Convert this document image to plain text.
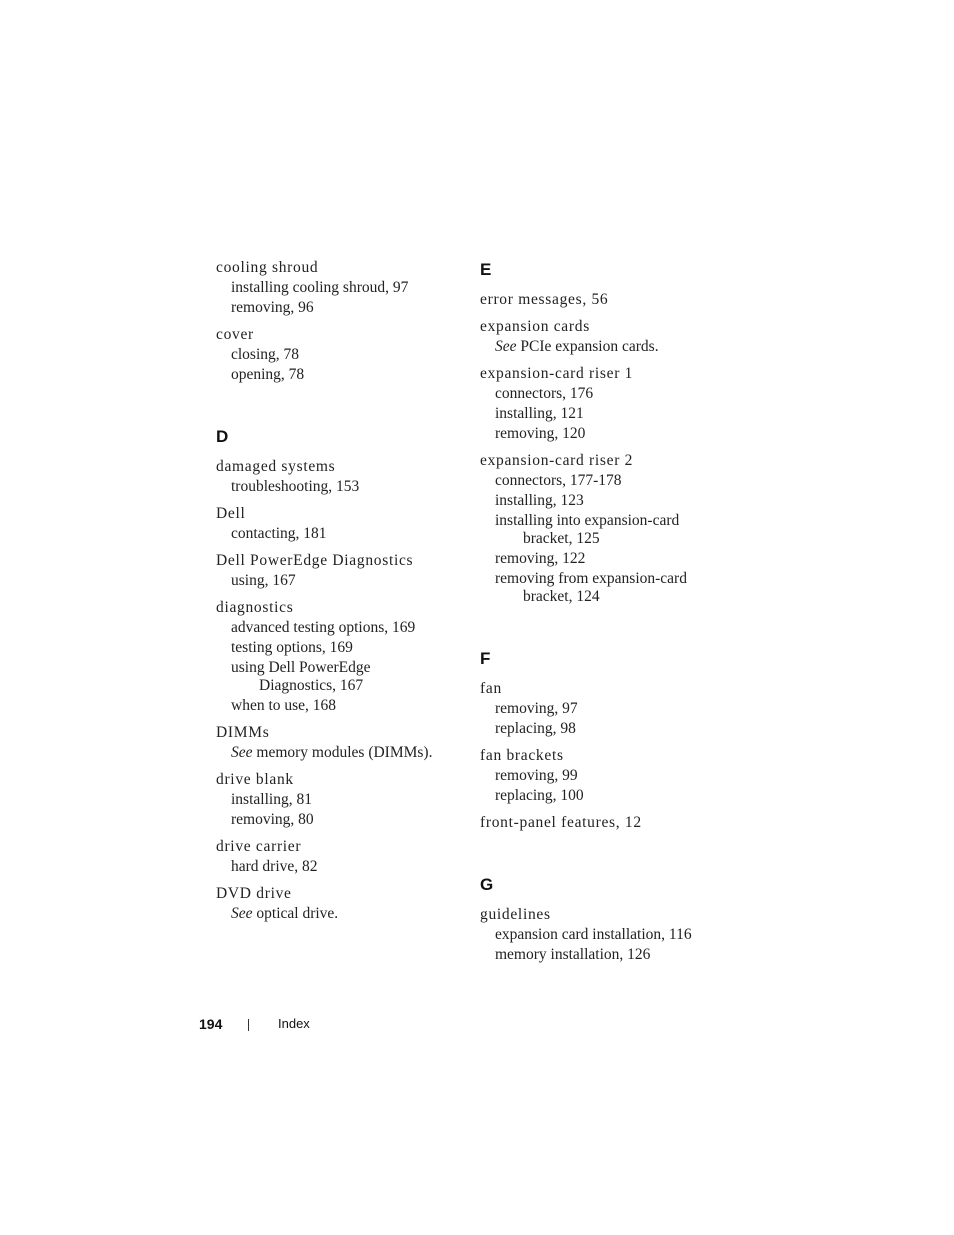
cooling shroud
installing cooling shroud, 97
removing, 96
cover
closing, 78
opening, 78
D
damaged systems
troubleshooting, 153
Dell
contacting, 181
Dell PowerEdge Diagnostics
using, 167
diagnostics
advanced testing options, 169
testing options, 169
using Dell PowerEdge
Diagnostics, 167
when to use, 168
DIMMs
See memory modules (DIMMs).
drive blank
installing, 81
removing, 80
drive carrier
hard drive, 82
DVD drive
See optical drive.
E
error messages, 56
expansion cards
See PCIe expansion cards.
expansion-card riser 1
connectors, 176
installing, 121
removing, 120
expansion-card riser 2
connectors, 177-178
installing, 123
installing into expansion-card
bracket, 125
removing, 122
removing from expansion-card
bracket, 124
F
fan
removing, 97
replacing, 98
fan brackets
removing, 99
replacing, 100
front-panel features, 12
G
guidelines
expansion card installation, 116
memory installation, 126
194	Index
